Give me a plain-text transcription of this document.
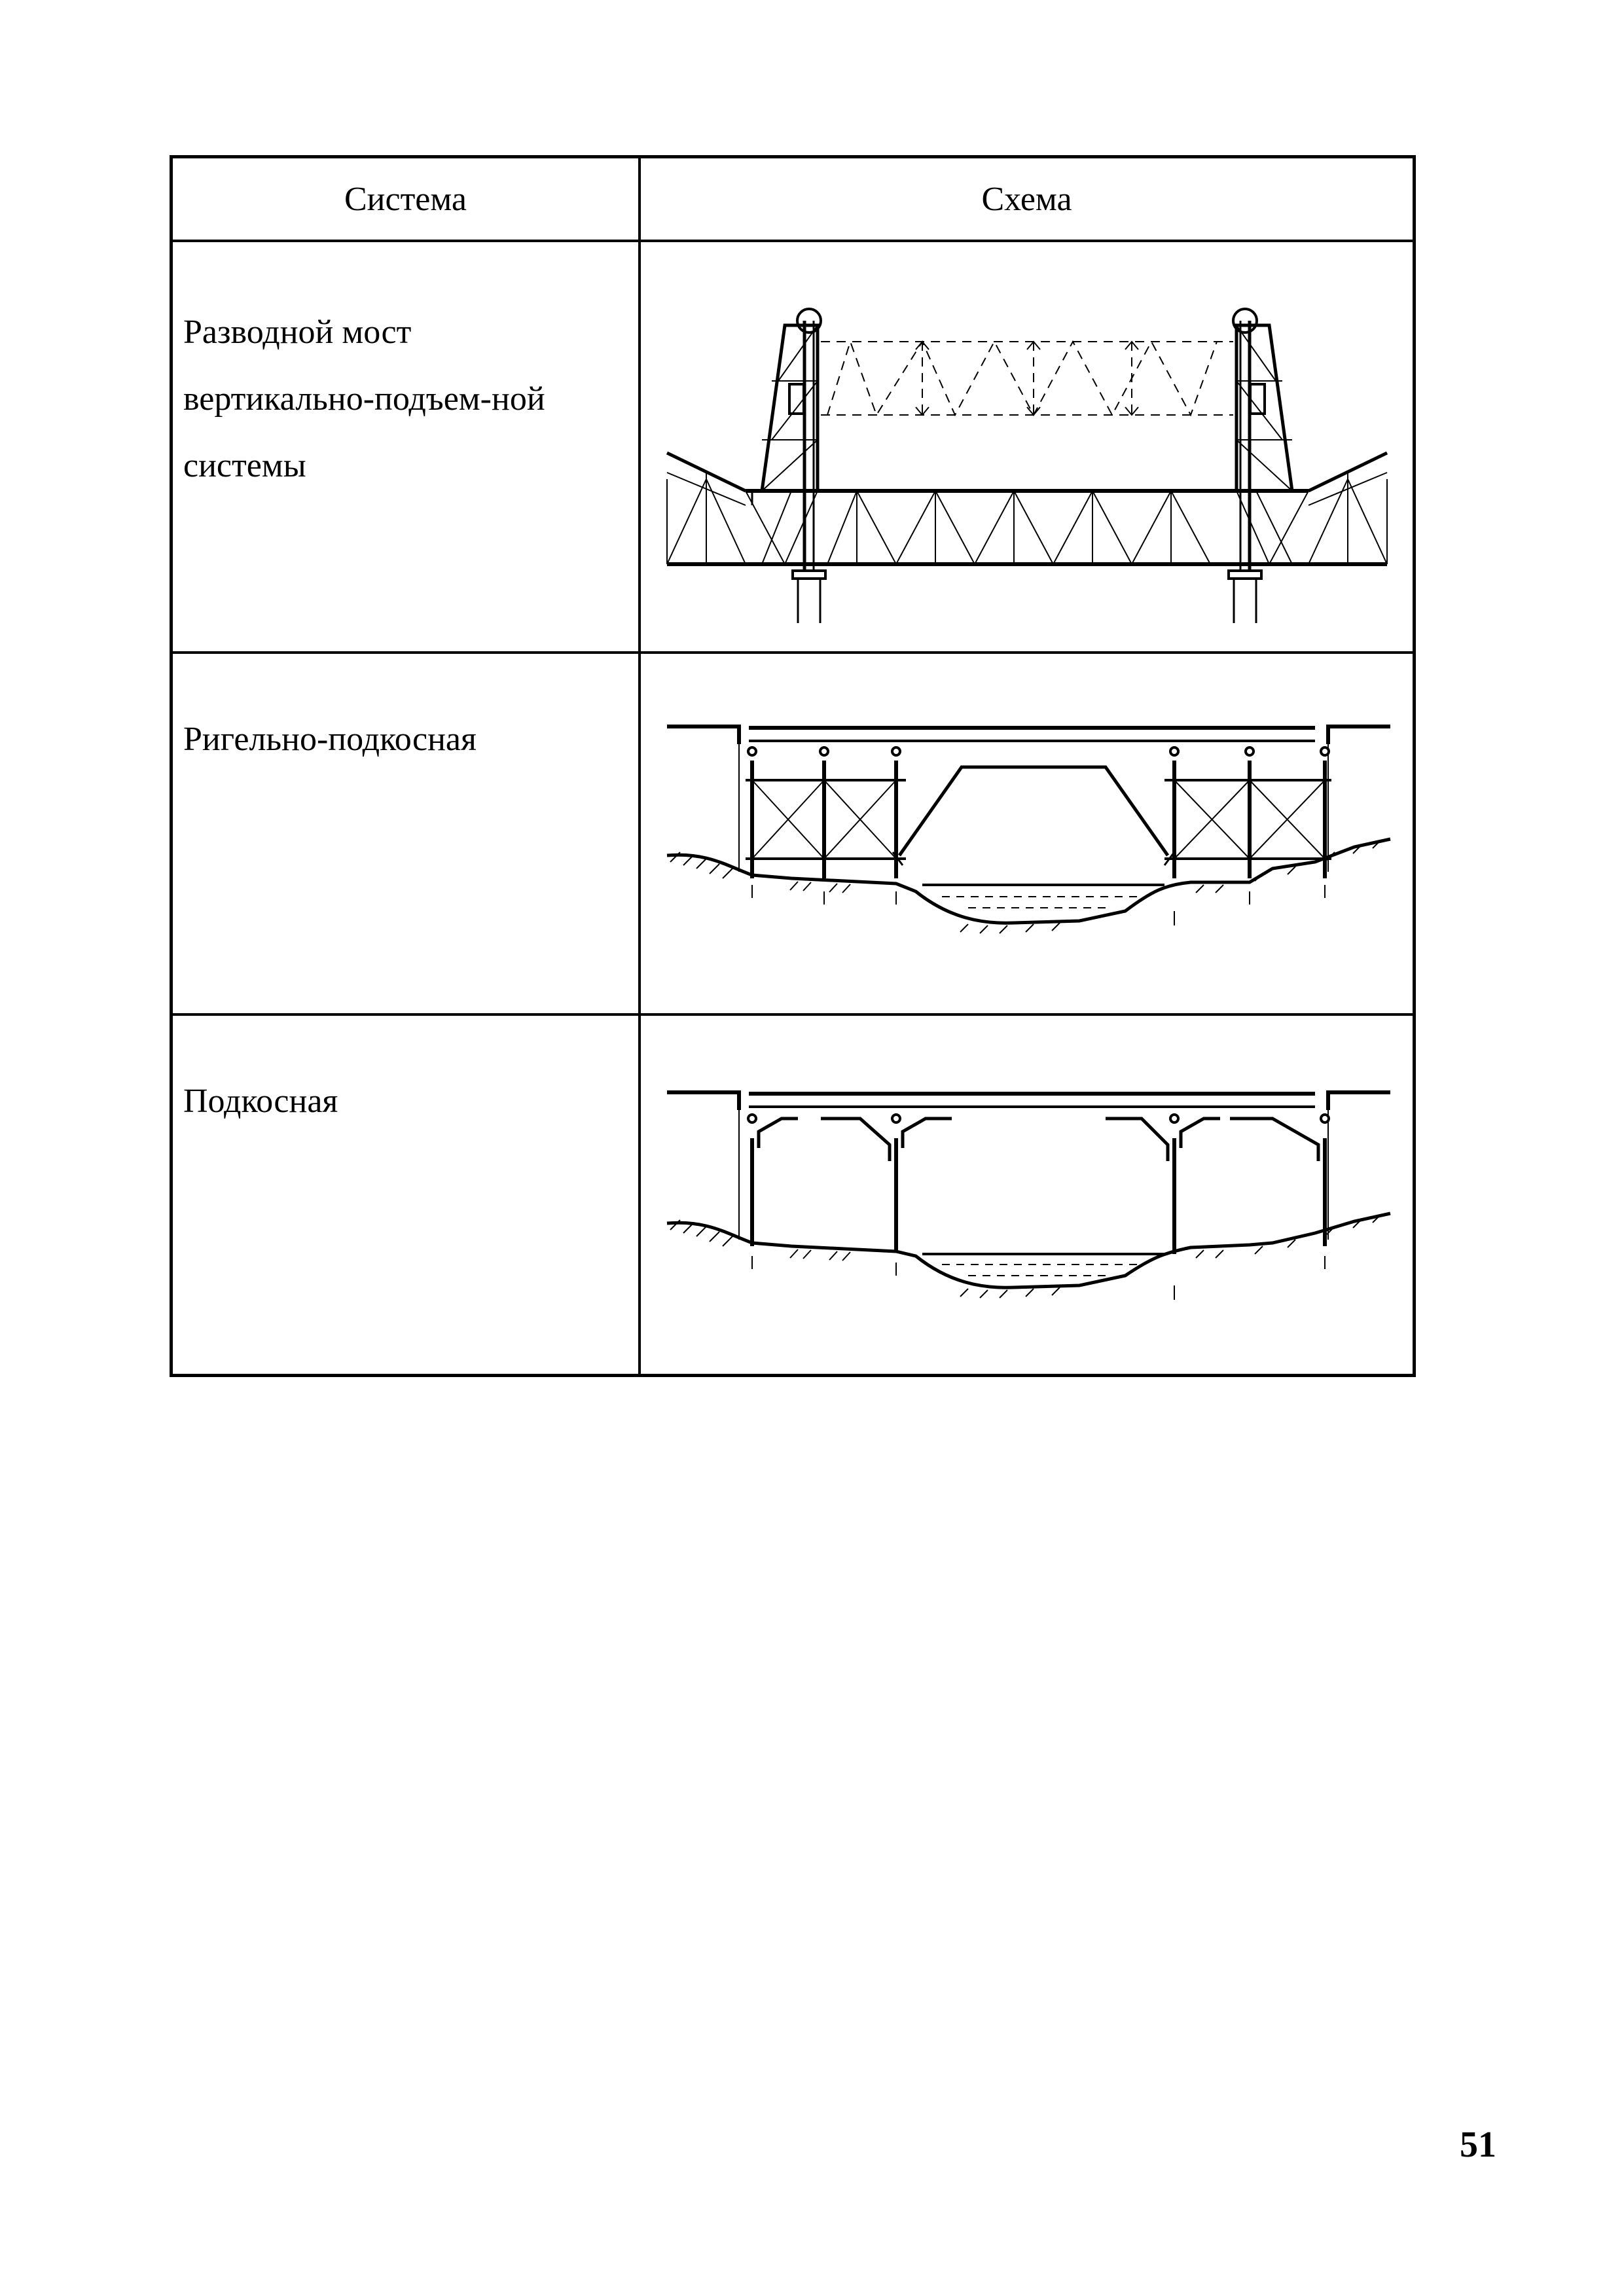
Система	Схема
Разводной мост
вертикально-подъем-ной
системы
Ригельно-подкосная
Подкосная
51
